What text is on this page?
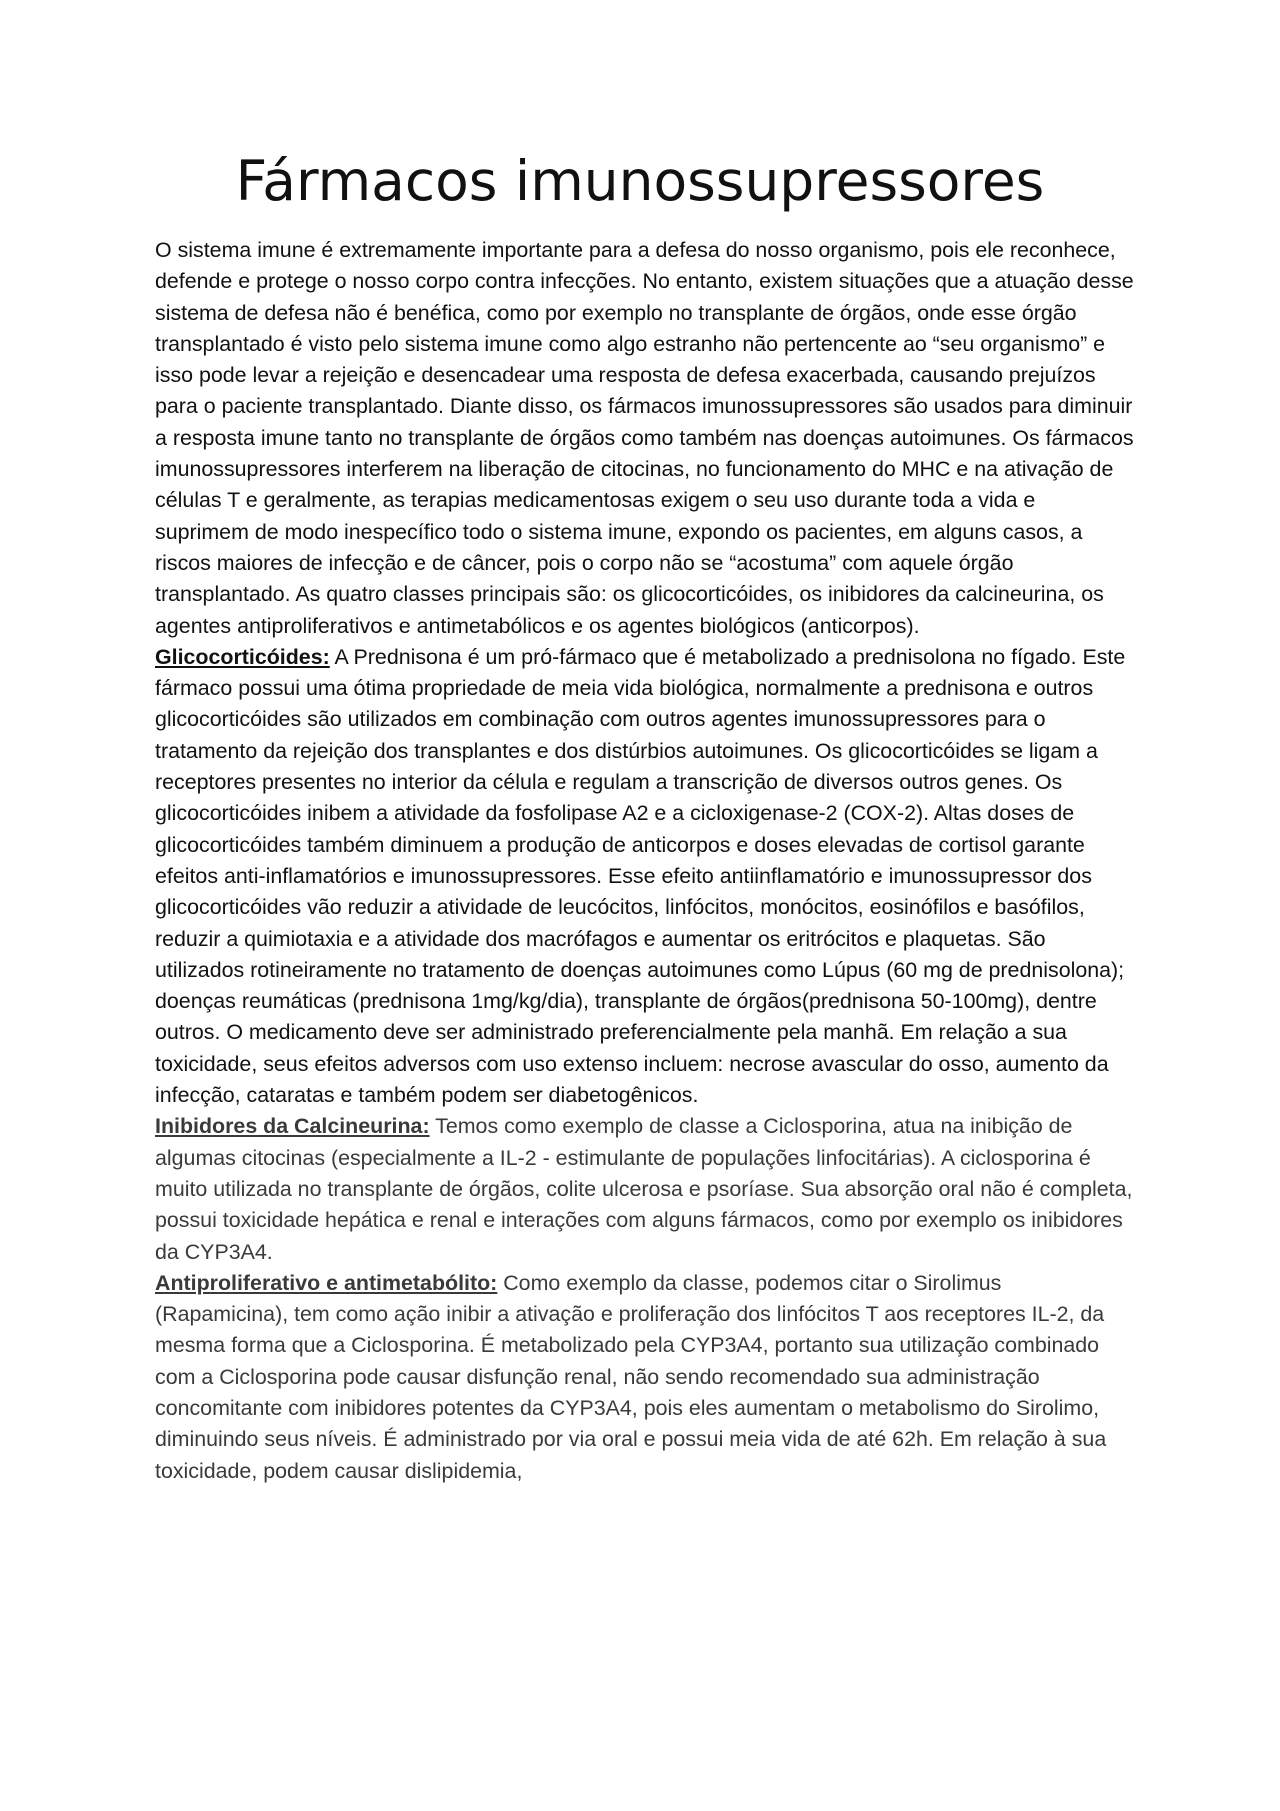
Fármacos imunossupressores

O sistema imune é extremamente importante para a defesa do nosso organismo, pois ele reconhece, defende e protege o nosso corpo contra infecções. No entanto, existem situações que a atuação desse sistema de defesa não é benéfica, como por exemplo no transplante de órgãos, onde esse órgão transplantado é visto pelo sistema imune como algo estranho não pertencente ao “seu organismo” e isso pode levar a rejeição e desencadear uma resposta de defesa exacerbada, causando prejuízos para o paciente transplantado. Diante disso, os fármacos imunossupressores são usados para diminuir a resposta imune tanto no transplante de órgãos como também nas doenças autoimunes. Os fármacos imunossupressores interferem na liberação de citocinas, no funcionamento do MHC e na ativação de células T e geralmente, as terapias medicamentosas exigem o seu uso durante toda a vida e suprimem de modo inespecífico todo o sistema imune, expondo os pacientes, em alguns casos, a riscos maiores de infecção e de câncer, pois o corpo não se “acostuma” com aquele órgão transplantado. As quatro classes principais são: os glicocorticóides, os inibidores da calcineurina, os agentes antiproliferativos e antimetabólicos e os agentes biológicos (anticorpos).

Glicocorticóides: A Prednisona é um pró-fármaco que é metabolizado a prednisolona no fígado. Este fármaco possui uma ótima propriedade de meia vida biológica, normalmente a prednisona e outros glicocorticóides são utilizados em combinação com outros agentes imunossupressores para o tratamento da rejeição dos transplantes e dos distúrbios autoimunes. Os glicocorticóides se ligam a receptores presentes no interior da célula e regulam a transcrição de diversos outros genes. Os glicocorticóides inibem a atividade da fosfolipase A2 e a cicloxigenase-2 (COX-2). Altas doses de glicocorticóides também diminuem a produção de anticorpos e doses elevadas de cortisol garante efeitos anti-inflamatórios e imunossupressores. Esse efeito antiinflamatório e imunossupressor dos glicocorticóides vão reduzir a atividade de leucócitos, linfócitos, monócitos, eosinófilos e basófilos, reduzir a quimiotaxia e a atividade dos macrófagos e aumentar os eritrócitos e plaquetas. São utilizados rotineiramente no tratamento de doenças autoimunes como Lúpus (60 mg de prednisolona); doenças reumáticas (prednisona 1mg/kg/dia), transplante de órgãos(prednisona 50-100mg), dentre outros. O medicamento deve ser administrado preferencialmente pela manhã. Em relação a sua toxicidade, seus efeitos adversos com uso extenso incluem: necrose avascular do osso, aumento da infecção, cataratas e também podem ser diabetogênicos.

Inibidores da Calcineurina: Temos como exemplo de classe a Ciclosporina, atua na inibição de algumas citocinas (especialmente a IL-2 - estimulante de populações linfocitárias). A ciclosporina é muito utilizada no transplante de órgãos, colite ulcerosa e psoríase. Sua absorção oral não é completa, possui toxicidade hepática e renal e interações com alguns fármacos, como por exemplo os inibidores da CYP3A4.

Antiproliferativo e antimetabólito: Como exemplo da classe, podemos citar o Sirolimus (Rapamicina), tem como ação inibir a ativação e proliferação dos linfócitos T aos receptores IL-2, da mesma forma que a Ciclosporina. É metabolizado pela CYP3A4, portanto sua utilização combinado com a Ciclosporina pode causar disfunção renal, não sendo recomendado sua administração concomitante com inibidores potentes da CYP3A4, pois eles aumentam o metabolismo do Sirolimo, diminuindo seus níveis. É administrado por via oral e possui meia vida de até 62h. Em relação à sua toxicidade, podem causar dislipidemia,
